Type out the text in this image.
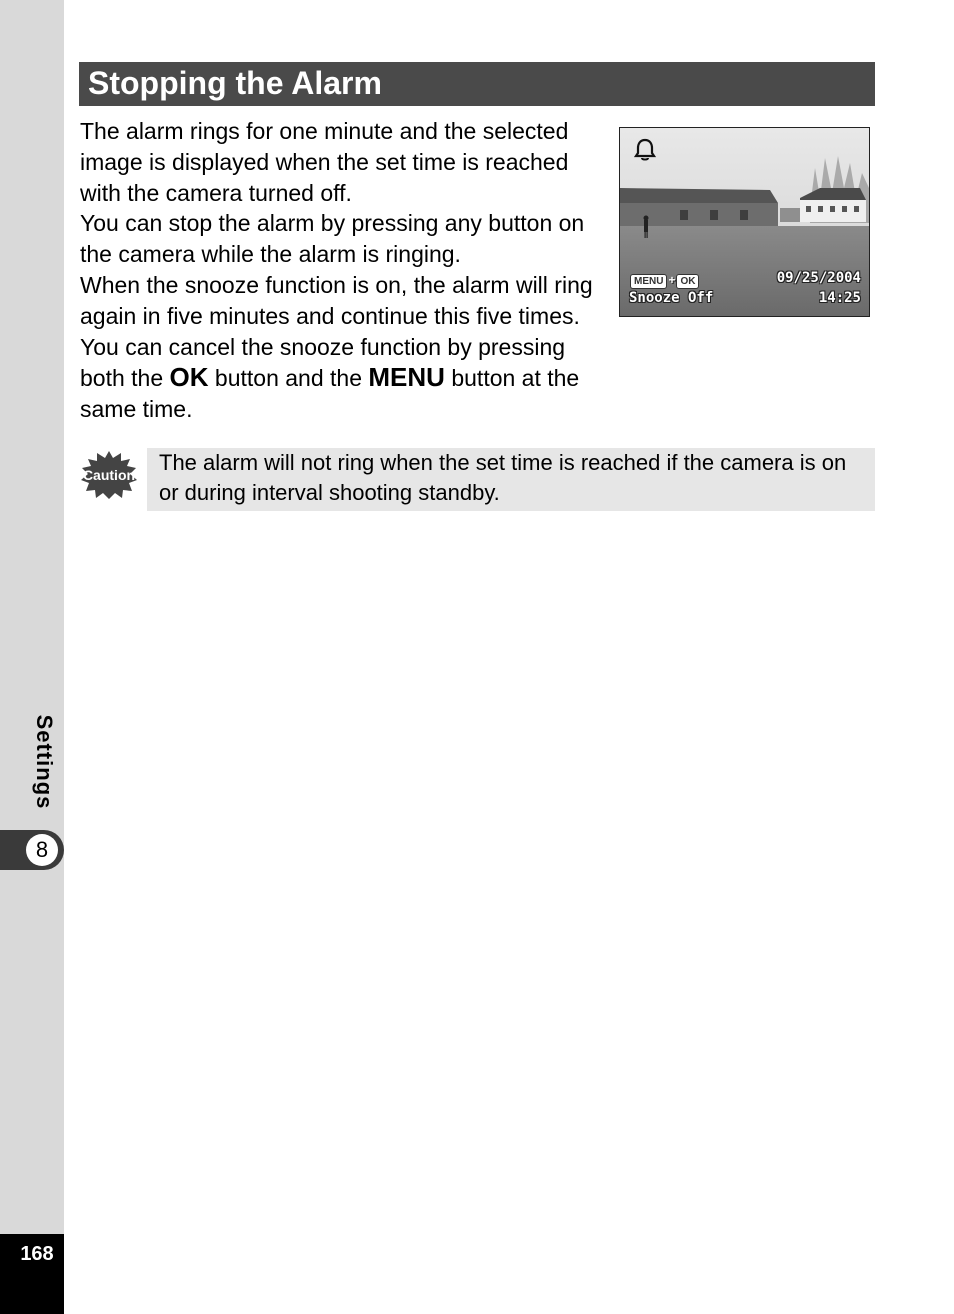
Settings
8
168
Stopping the Alarm

The alarm rings for one minute and the selected image is displayed when the set time is reached with the camera turned off.

You can stop the alarm by pressing any button on the camera while the alarm is ringing.

When the snooze function is on, the alarm will ring again in five minutes and continue this five times. You can cancel the snooze function by pressing both the OK button and the MENU button at the same time.

MENU + OK	09/25/2004
Snooze Off	14:25
Caution The alarm will not ring when the set time is reached if the camera is on or during interval shooting standby.
